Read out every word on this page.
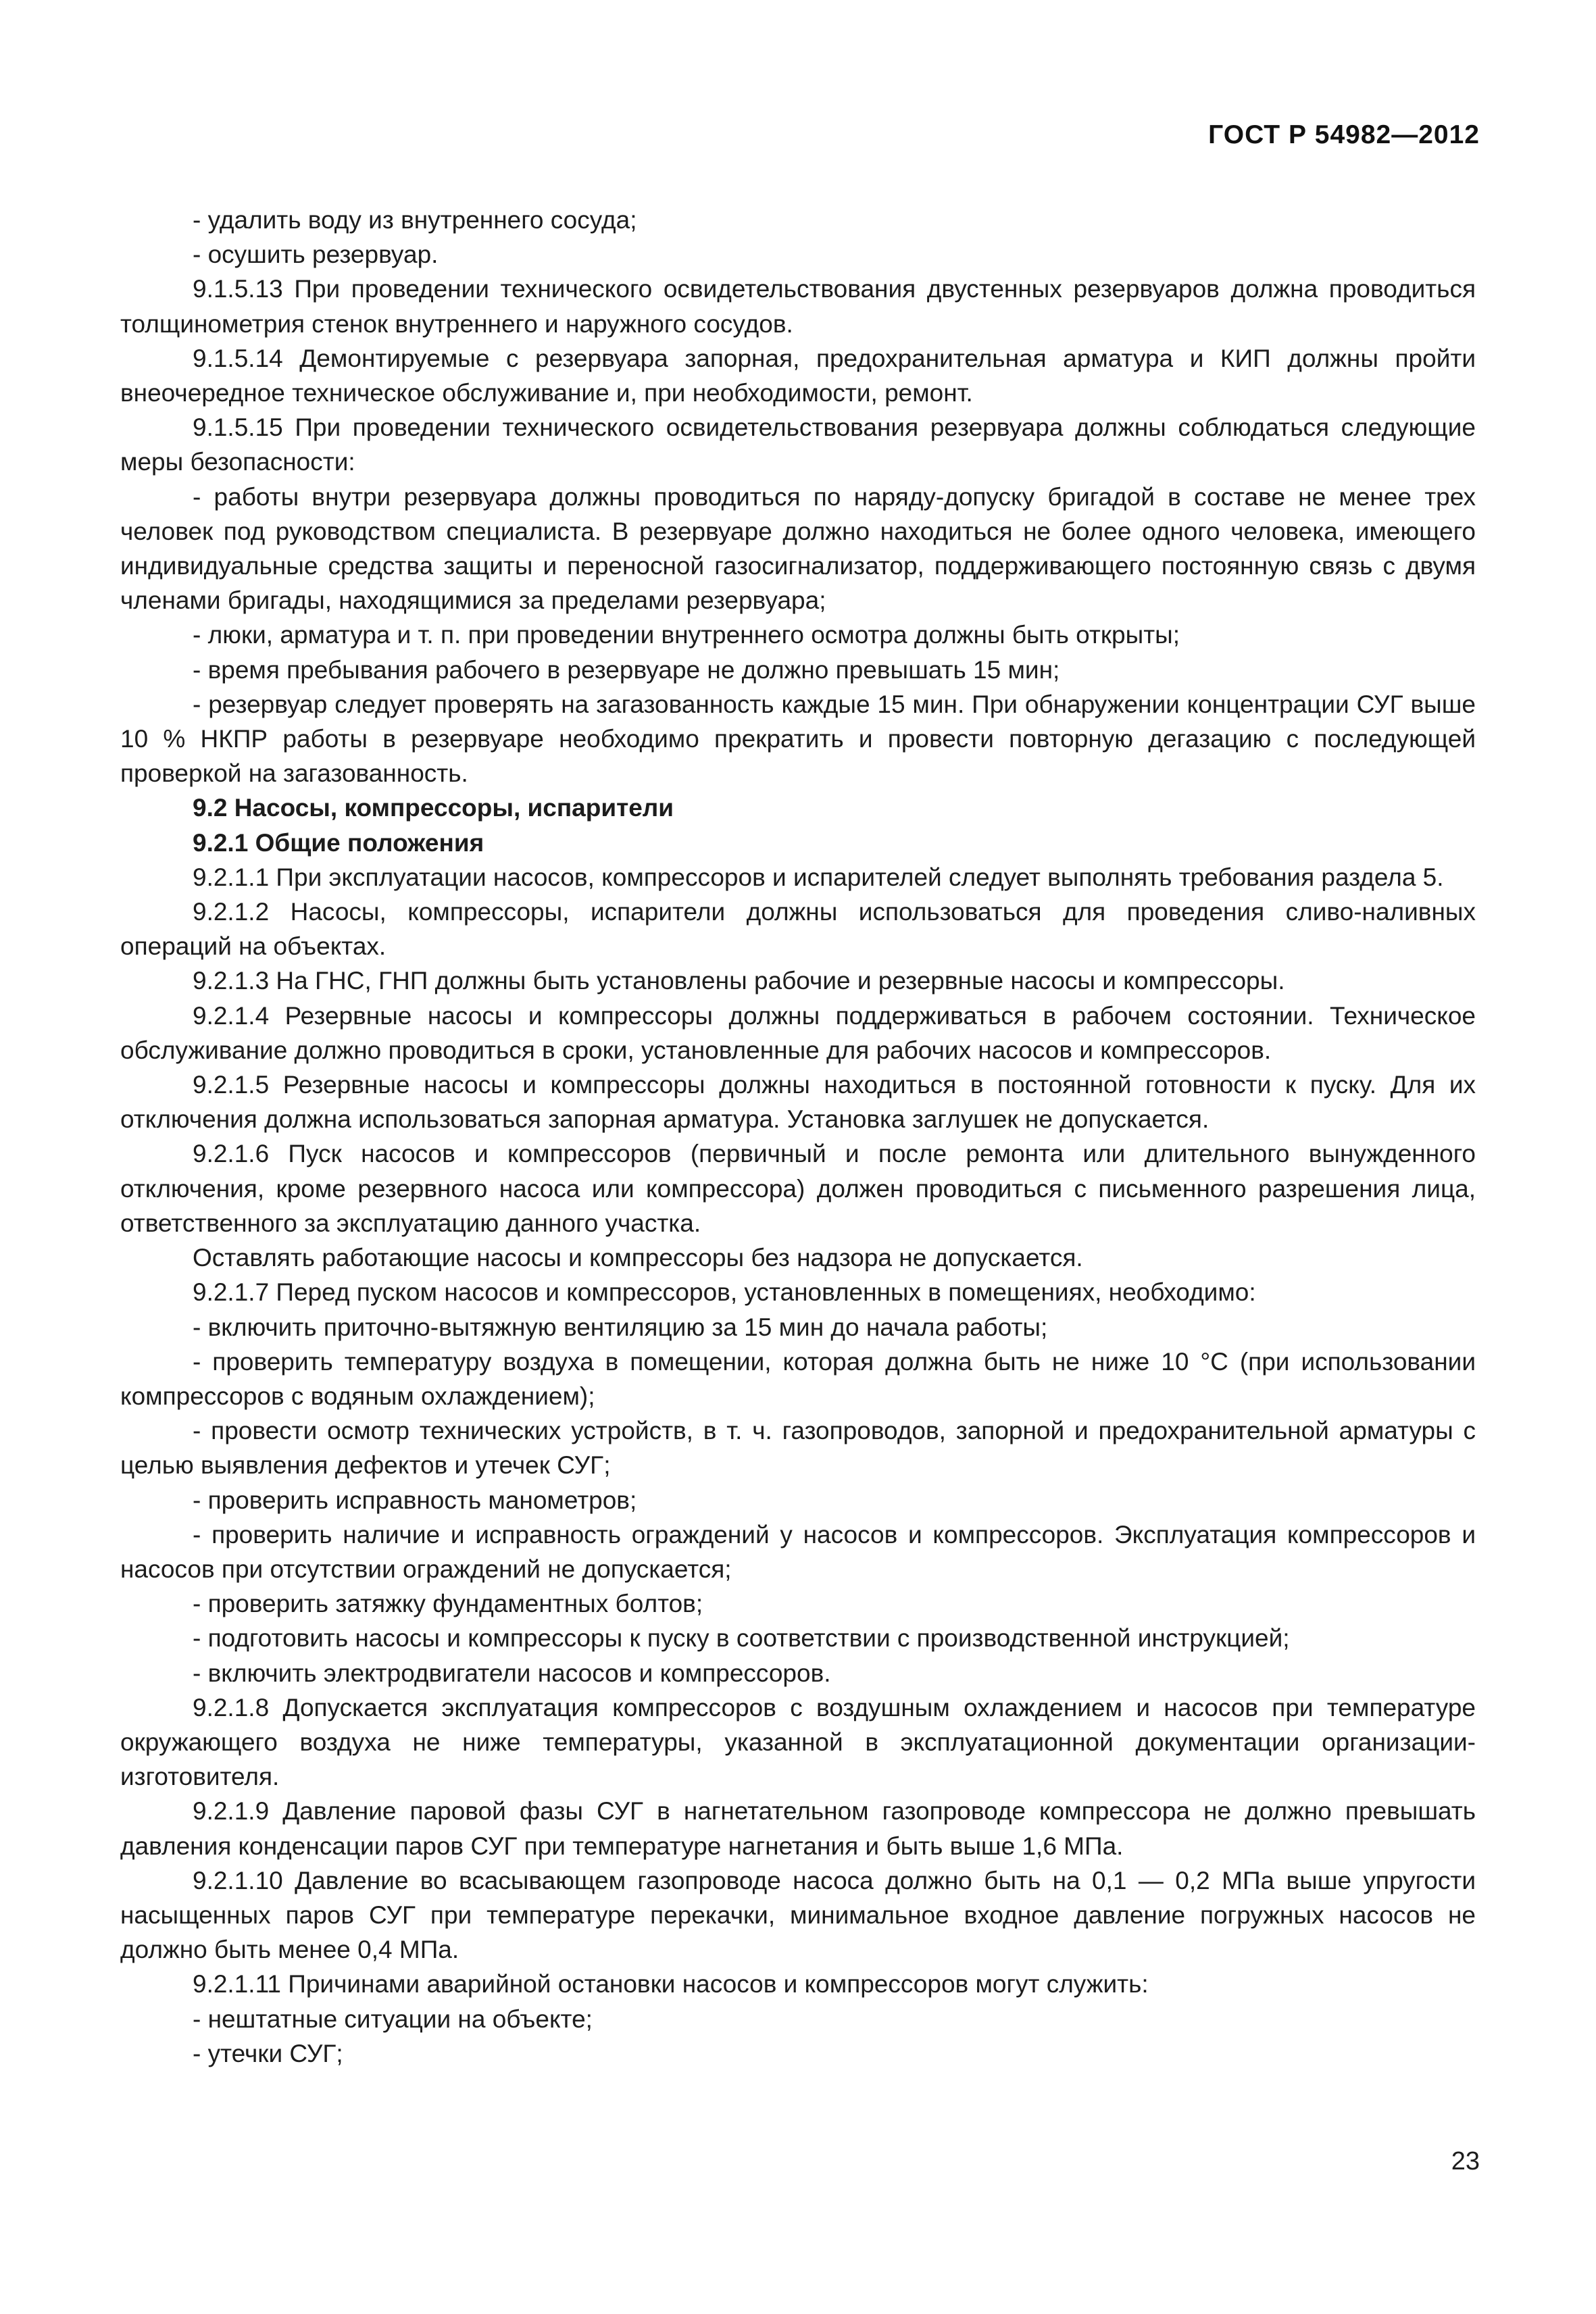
ГОСТ Р 54982—2012

- удалить воду из внутреннего сосуда;

- осушить резервуар.

9.1.5.13 При проведении технического освидетельствования двустенных резервуаров должна проводиться толщинометрия стенок внутреннего и наружного сосудов.

9.1.5.14 Демонтируемые с резервуара запорная, предохранительная арматура и КИП должны пройти внеочередное техническое обслуживание и, при необходимости, ремонт.

9.1.5.15 При проведении технического освидетельствования резервуара должны соблюдаться следующие меры безопасности:

- работы внутри резервуара должны проводиться по наряду-допуску бригадой в составе не менее трех человек под руководством специалиста. В резервуаре должно находиться не более одного человека, имеющего индивидуальные средства защиты и переносной газосигнализатор, поддерживающего постоянную связь с двумя членами бригады, находящимися за пределами резервуара;

- люки, арматура и т. п. при проведении внутреннего осмотра должны быть открыты;

- время пребывания рабочего в резервуаре не должно превышать 15 мин;

- резервуар следует проверять на загазованность каждые 15 мин. При обнаружении концентрации СУГ выше 10 % НКПР работы в резервуаре необходимо прекратить и провести повторную дегазацию с последующей проверкой на загазованность.

9.2 Насосы, компрессоры, испарители

9.2.1 Общие положения

9.2.1.1 При эксплуатации насосов, компрессоров и испарителей следует выполнять требования раздела 5.

9.2.1.2 Насосы, компрессоры, испарители должны использоваться для проведения сливо-наливных операций на объектах.

9.2.1.3 На ГНС, ГНП должны быть установлены рабочие и резервные насосы и компрессоры.

9.2.1.4 Резервные насосы и компрессоры должны поддерживаться в рабочем состоянии. Техническое обслуживание должно проводиться в сроки, установленные для рабочих насосов и компрессоров.

9.2.1.5 Резервные насосы и компрессоры должны находиться в постоянной готовности к пуску. Для их отключения должна использоваться запорная арматура. Установка заглушек не допускается.

9.2.1.6 Пуск насосов и компрессоров (первичный и после ремонта или длительного вынужденного отключения, кроме резервного насоса или компрессора) должен проводиться с письменного разрешения лица, ответственного за эксплуатацию данного участка.

Оставлять работающие насосы и компрессоры без надзора не допускается.

9.2.1.7 Перед пуском насосов и компрессоров, установленных в помещениях, необходимо:

- включить приточно-вытяжную вентиляцию за 15 мин до начала работы;

- проверить температуру воздуха в помещении, которая должна быть не ниже 10 °С (при использовании компрессоров с водяным охлаждением);

- провести осмотр технических устройств, в т. ч. газопроводов, запорной и предохранительной арматуры с целью выявления дефектов и утечек СУГ;

- проверить исправность манометров;

- проверить наличие и исправность ограждений у насосов и компрессоров. Эксплуатация компрессоров и насосов при отсутствии ограждений не допускается;

- проверить затяжку фундаментных болтов;

- подготовить насосы и компрессоры к пуску в соответствии с производственной инструкцией;

- включить электродвигатели насосов и компрессоров.

9.2.1.8 Допускается эксплуатация компрессоров с воздушным охлаждением и насосов при температуре окружающего воздуха не ниже температуры, указанной в эксплуатационной документации организации-изготовителя.

9.2.1.9 Давление паровой фазы СУГ в нагнетательном газопроводе компрессора не должно превышать давления конденсации паров СУГ при температуре нагнетания и быть выше 1,6 МПа.

9.2.1.10 Давление во всасывающем газопроводе насоса должно быть на 0,1 — 0,2 МПа выше упругости насыщенных паров СУГ при температуре перекачки, минимальное входное давление погружных насосов не должно быть менее 0,4 МПа.

9.2.1.11 Причинами аварийной остановки насосов и компрессоров могут служить:

- нештатные ситуации на объекте;

- утечки СУГ;

23
